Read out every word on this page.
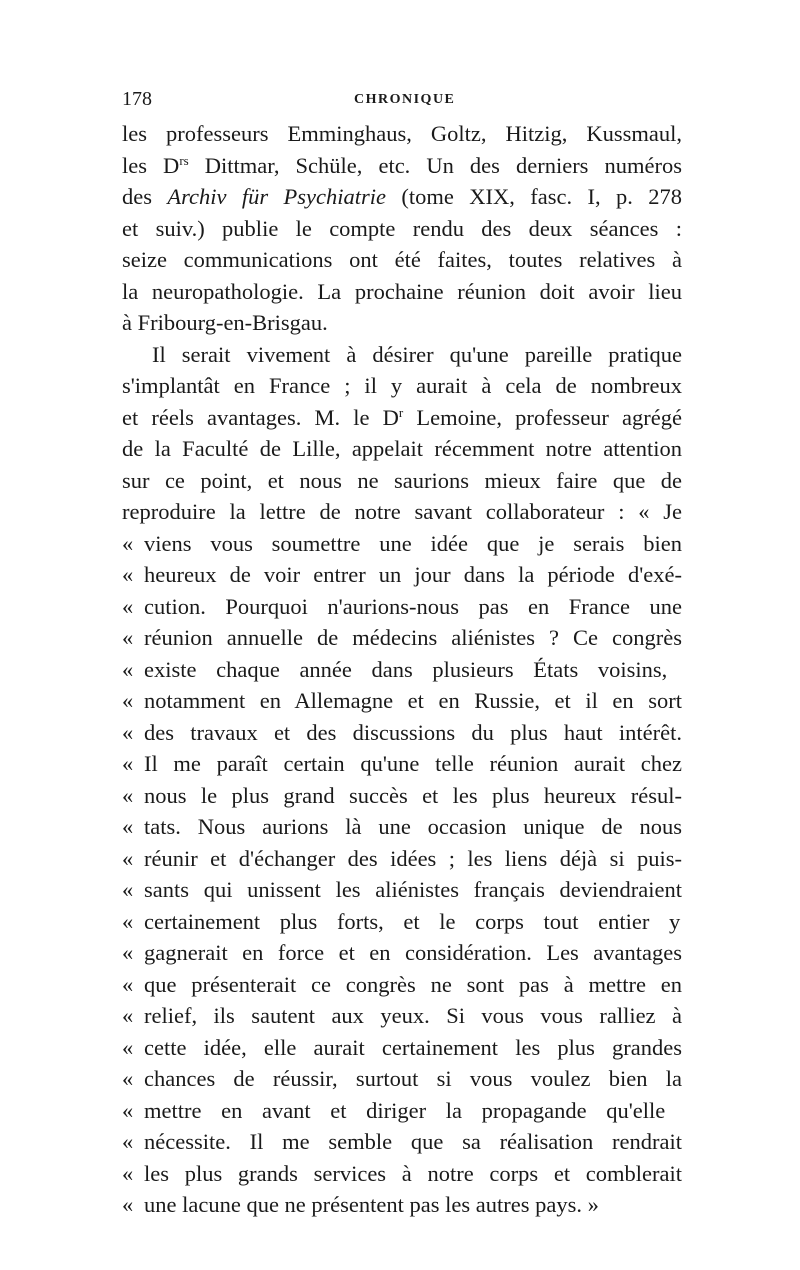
178	CHRONIQUE
les professeurs Emminghaus, Goltz, Hitzig, Kussmaul,
les $D^{rs}$ Dittmar, Schüle, etc. Un des derniers numéros
des Archiv für Psychiatrie (tome XIX, fasc. I, p. 278
et suiv.) publie le compte rendu des deux séances :
seize communications ont été faites, toutes relatives à
la neuropathologie. La prochaine réunion doit avoir lieu
à Fribourg-en-Brisgau.
Il serait vivement à désirer qu'une pareille pratique
s'implantât en France ; il y aurait à cela de nombreux
et réels avantages. M. le $D^r$ Lemoine, professeur agrégé
de la Faculté de Lille, appelait récemment notre attention
sur ce point, et nous ne saurions mieux faire que de
reproduire la lettre de notre savant collaborateur : « Je
« viens vous soumettre une idée que je serais bien
« heureux de voir entrer un jour dans la période d'exé-
« cution. Pourquoi n'aurions-nous pas en France une
« réunion annuelle de médecins aliénistes ? Ce congrès
« existe chaque année dans plusieurs États voisins,
« notamment en Allemagne et en Russie, et il en sort
« des travaux et des discussions du plus haut intérêt.
« Il me paraît certain qu'une telle réunion aurait chez
« nous le plus grand succès et les plus heureux résul-
« tats. Nous aurions là une occasion unique de nous
« réunir et d'échanger des idées ; les liens déjà si puis-
« sants qui unissent les aliénistes français deviendraient
« certainement plus forts, et le corps tout entier y
« gagnerait en force et en considération. Les avantages
« que présenterait ce congrès ne sont pas à mettre en
« relief, ils sautent aux yeux. Si vous vous ralliez à
« cette idée, elle aurait certainement les plus grandes
« chances de réussir, surtout si vous voulez bien la
« mettre en avant et diriger la propagande qu'elle
« nécessite. Il me semble que sa réalisation rendrait
« les plus grands services à notre corps et comblerait
« une lacune que ne présentent pas les autres pays. »
